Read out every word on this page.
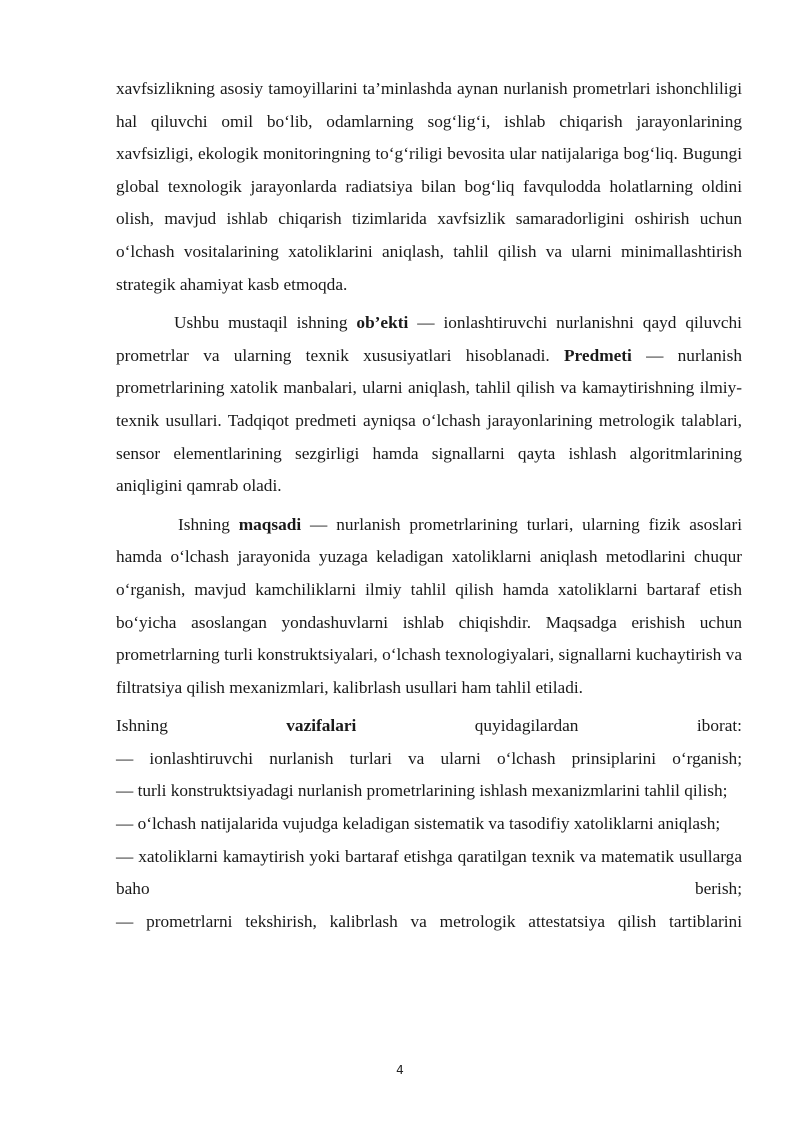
xavfsizlikning asosiy tamoyillarini ta’minlashda aynan nurlanish prometrlari ishonchliligi hal qiluvchi omil bo‘lib, odamlarning sog‘lig‘i, ishlab chiqarish jarayonlarining xavfsizligi, ekologik monitoringning to‘g‘riligi bevosita ular natijalariga bog‘liq. Bugungi global texnologik jarayonlarda radiatsiya bilan bog‘liq favqulodda holatlarning oldini olish, mavjud ishlab chiqarish tizimlarida xavfsizlik samaradorligini oshirish uchun o‘lchash vositalarining xatoliklarini aniqlash, tahlil qilish va ularni minimallashtirish strategik ahamiyat kasb etmoqda.

Ushbu mustaqil ishning ob’ekti — ionlashtiruvchi nurlanishni qayd qiluvchi prometrlar va ularning texnik xususiyatlari hisoblanadi. Predmeti — nurlanish prometrlarining xatolik manbalari, ularni aniqlash, tahlil qilish va kamaytirishning ilmiy-texnik usullari. Tadqiqot predmeti ayniqsa o‘lchash jarayonlarining metrologik talablari, sensor elementlarining sezgirligi hamda signallarni qayta ishlash algoritmlarining aniqligini qamrab oladi.

Ishning maqsadi — nurlanish prometrlarining turlari, ularning fizik asoslari hamda o‘lchash jarayonida yuzaga keladigan xatoliklarni aniqlash metodlarini chuqur o‘rganish, mavjud kamchiliklarni ilmiy tahlil qilish hamda xatoliklarni bartaraf etish bo‘yicha asoslangan yondashuvlarni ishlab chiqishdir. Maqsadga erishish uchun prometrlarning turli konstruktsiyalari, o‘lchash texnologiyalari, signallarni kuchaytirish va filtratsiya qilish mexanizmlari, kalibrlash usullari ham tahlil etiladi.

Ishning	vazifalari	quyidagilardan	iborat:

— ionlashtiruvchi nurlanish turlari va ularni o‘lchash prinsiplarini o‘rganish;

— turli konstruktsiyadagi nurlanish prometrlarining ishlash mexanizmlarini tahlil qilish;

— o‘lchash natijalarida vujudga keladigan sistematik va tasodifiy xatoliklarni aniqlash;

— xatoliklarni kamaytirish yoki bartaraf etishga qaratilgan texnik va matematik usullarga baho berish;

— prometrlarni tekshirish, kalibrlash va metrologik attestatsiya qilish tartiblarini

4
